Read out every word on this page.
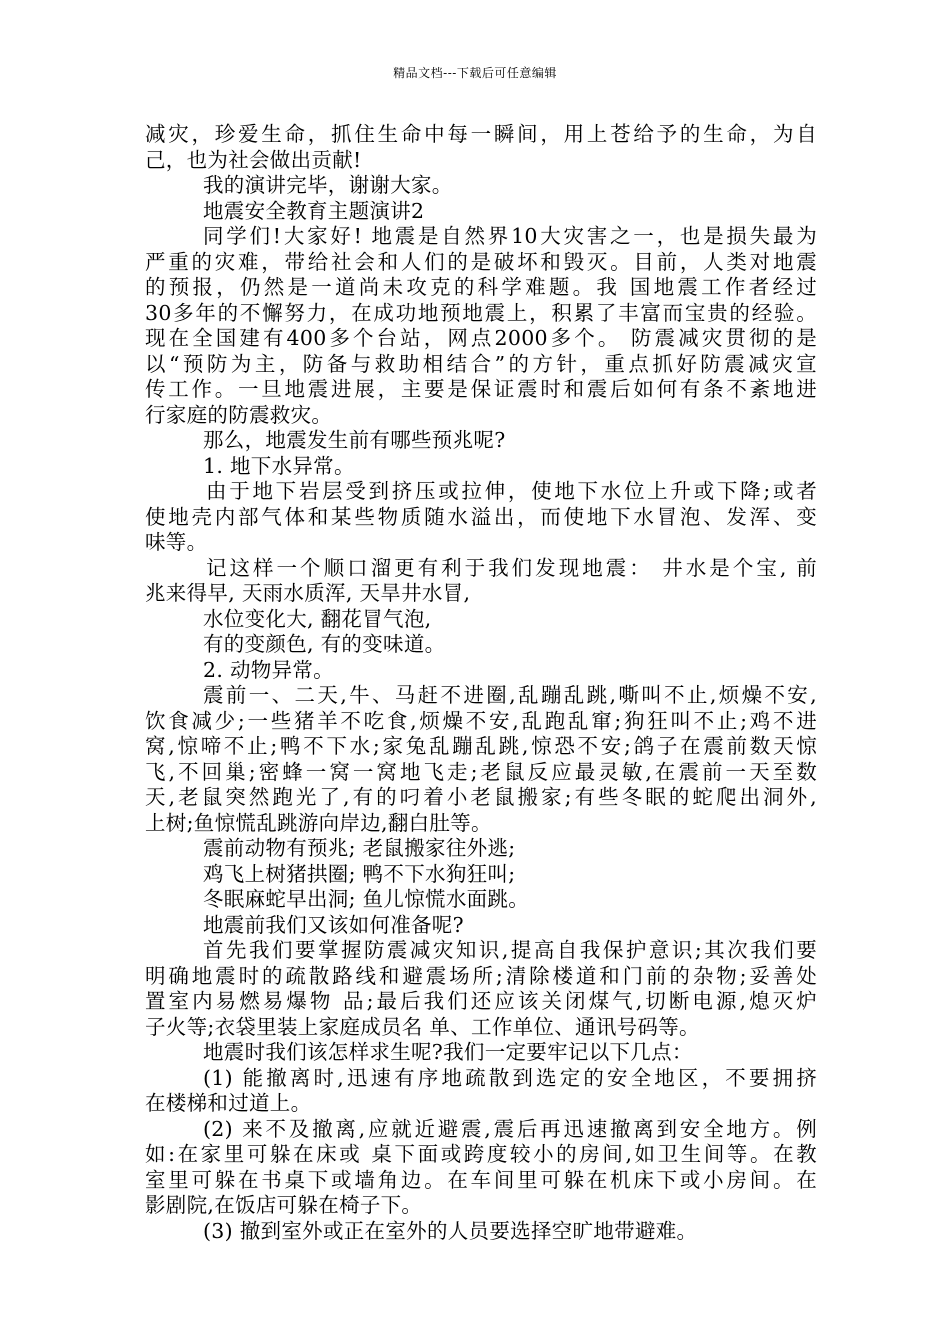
精品文档---下载后可任意编辑
减灾，珍爱生命，抓住生命中每一瞬间，用上苍给予的生命，为自
己，也为社会做出贡献!
我的演讲完毕，谢谢大家。
地震安全教育主题演讲2
同学们!大家好! 地震是自然界10大灾害之一，也是损失最为
严重的灾难，带给社会和人们的是破坏和毁灭。目前，人类对地震
的预报，仍然是一道尚未攻克的科学难题。我 国地震工作者经过
30多年的不懈努力，在成功地预地震上，积累了丰富而宝贵的经验。
现在全国建有400多个台站，网点2000多个。 防震减灾贯彻的是
以“预防为主，防备与救助相结合”的方针，重点抓好防震减灾宣
传工作。一旦地震进展，主要是保证震时和震后如何有条不紊地进
行家庭的防震救灾。
那么，地震发生前有哪些预兆呢?
1. 地下水异常。
由于地下岩层受到挤压或拉伸，使地下水位上升或下降;或者
使地壳内部气体和某些物质随水溢出，而使地下水冒泡、发浑、变
味等。
记这样一个顺口溜更有利于我们发现地震： 井水是个宝, 前
兆来得早, 天雨水质浑, 天旱井水冒,
水位变化大, 翻花冒气泡,
有的变颜色, 有的变味道。
2. 动物异常。
震前一、二天,牛、马赶不进圈,乱蹦乱跳,嘶叫不止,烦燥不安,
饮食减少;一些猪羊不吃食,烦燥不安,乱跑乱窜;狗狂叫不止;鸡不进
窝,惊啼不止;鸭不下水;家兔乱蹦乱跳,惊恐不安;鸽子在震前数天惊
飞,不回巢;密蜂一窝一窝地飞走;老鼠反应最灵敏,在震前一天至数
天,老鼠突然跑光了,有的叼着小老鼠搬家;有些冬眠的蛇爬出洞外,
上树;鱼惊慌乱跳游向岸边,翻白肚等。
震前动物有预兆; 老鼠搬家往外逃;
鸡飞上树猪拱圈; 鸭不下水狗狂叫;
冬眠麻蛇早出洞; 鱼儿惊慌水面跳。
地震前我们又该如何准备呢?
首先我们要掌握防震减灾知识,提高自我保护意识;其次我们要
明确地震时的疏散路线和避震场所;清除楼道和门前的杂物;妥善处
置室内易燃易爆物 品;最后我们还应该关闭煤气,切断电源,熄灭炉
子火等;衣袋里装上家庭成员名 单、工作单位、通讯号码等。
地震时我们该怎样求生呢?我们一定要牢记以下几点：
(1) 能撤离时,迅速有序地疏散到选定的安全地区，不要拥挤
在楼梯和过道上。
(2) 来不及撤离,应就近避震,震后再迅速撤离到安全地方。例
如:在家里可躲在床或 桌下面或跨度较小的房间,如卫生间等。在教
室里可躲在书桌下或墙角边。在车间里可躲在机床下或小房间。在
影剧院,在饭店可躲在椅子下。
(3) 撤到室外或正在室外的人员要选择空旷地带避难。
